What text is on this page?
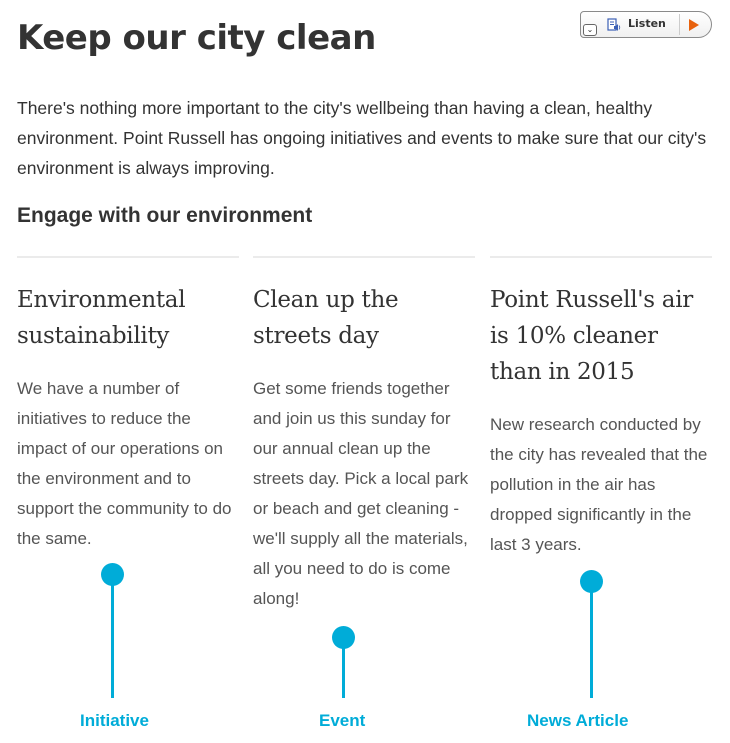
Keep our city clean	⌄	Listen

There's nothing more important to the city's wellbeing than having a clean, healthy environment. Point Russell has ongoing initiatives and events to make sure that our city's environment is always improving.

Engage with our environment
Environmental sustainability

We have a number of initiatives to reduce the impact of our operations on the environment and to support the community to do the same.

Clean up the streets day

Get some friends together and join us this sunday for our annual clean up the streets day. Pick a local park or beach and get cleaning - we'll supply all the materials, all you need to do is come along!

Point Russell's air is 10% cleaner than in 2015

New research conducted by the city has revealed that the pollution in the air has dropped significantly in the last 3 years.

Initiative	Event	News Article
